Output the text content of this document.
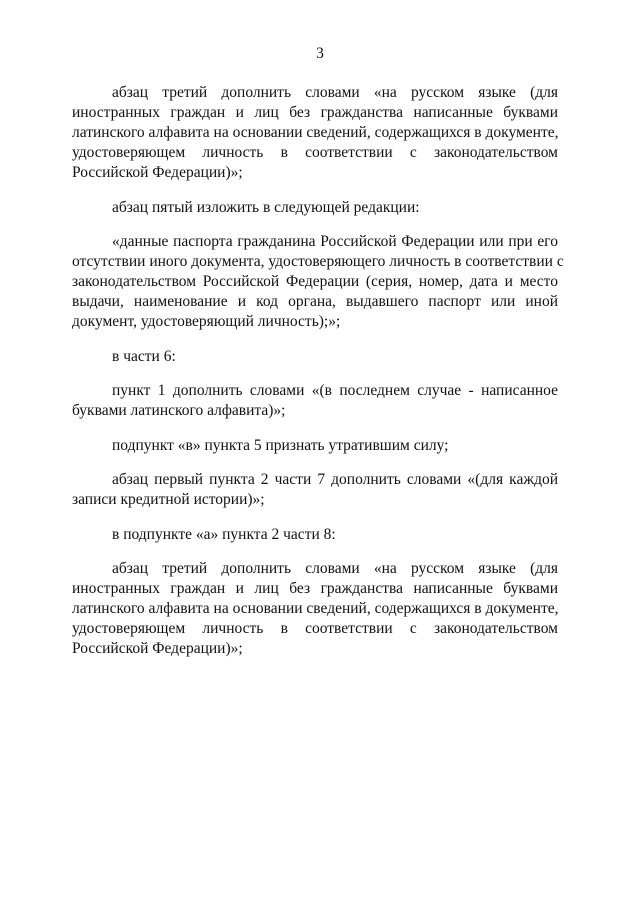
3
абзац третий дополнить словами «на русском языке (для
иностранных граждан и лиц без гражданства написанные буквами
латинского алфавита на основании сведений, содержащихся в документе,
удостоверяющем личность в соответствии с законодательством
Российской Федерации)»;
абзац пятый изложить в следующей редакции:
«данные паспорта гражданина Российской Федерации или при его
отсутствии иного документа, удостоверяющего личность в соответствии с
законодательством Российской Федерации (серия, номер, дата и место
выдачи, наименование и код органа, выдавшего паспорт или иной
документ, удостоверяющий личность);»;
в части 6:
пункт 1 дополнить словами «(в последнем случае - написанное
буквами латинского алфавита)»;
подпункт «в» пункта 5 признать утратившим силу;
абзац первый пункта 2 части 7 дополнить словами «(для каждой
записи кредитной истории)»;
в подпункте «а» пункта 2 части 8:
абзац третий дополнить словами «на русском языке (для
иностранных граждан и лиц без гражданства написанные буквами
латинского алфавита на основании сведений, содержащихся в документе,
удостоверяющем личность в соответствии с законодательством
Российской Федерации)»;
